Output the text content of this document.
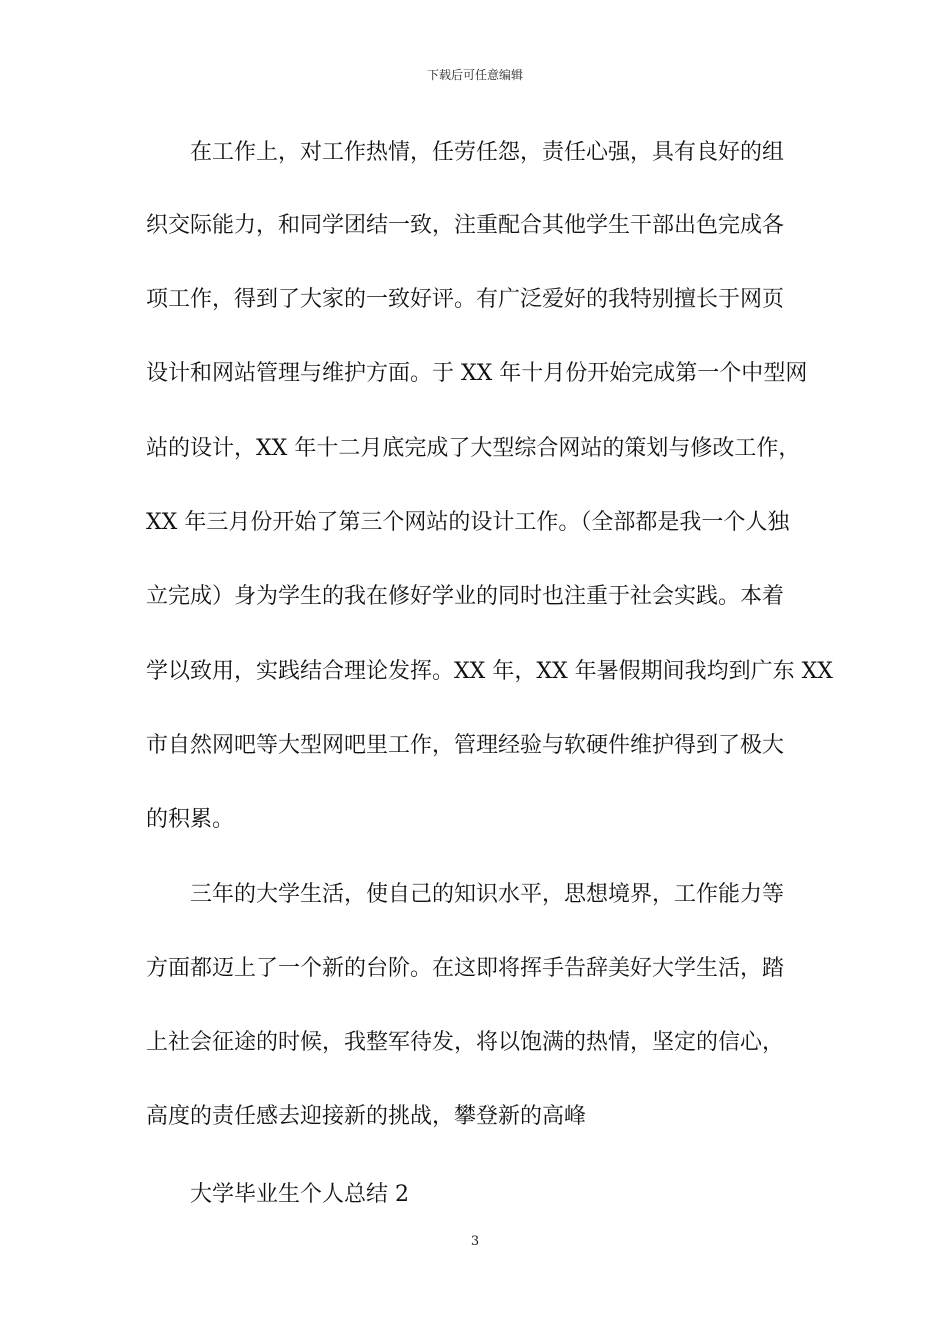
下载后可任意编辑
在工作上，对工作热情，任劳任怨，责任心强，具有良好的组
织交际能力，和同学团结一致，注重配合其他学生干部出色完成各
项工作，得到了大家的一致好评。有广泛爱好的我特别擅长于网页
设计和网站管理与维护方面。于 XX 年十月份开始完成第一个中型网
站的设计，XX 年十二月底完成了大型综合网站的策划与修改工作，
XX 年三月份开始了第三个网站的设计工作。（全部都是我一个人独
立完成）身为学生的我在修好学业的同时也注重于社会实践。本着
学以致用，实践结合理论发挥。XX 年，XX 年暑假期间我均到广东 XX
市自然网吧等大型网吧里工作，管理经验与软硬件维护得到了极大
的积累。
三年的大学生活，使自己的知识水平，思想境界，工作能力等
方面都迈上了一个新的台阶。在这即将挥手告辞美好大学生活，踏
上社会征途的时候，我整军待发，将以饱满的热情，坚定的信心，
高度的责任感去迎接新的挑战，攀登新的高峰
大学毕业生个人总结 2
3
